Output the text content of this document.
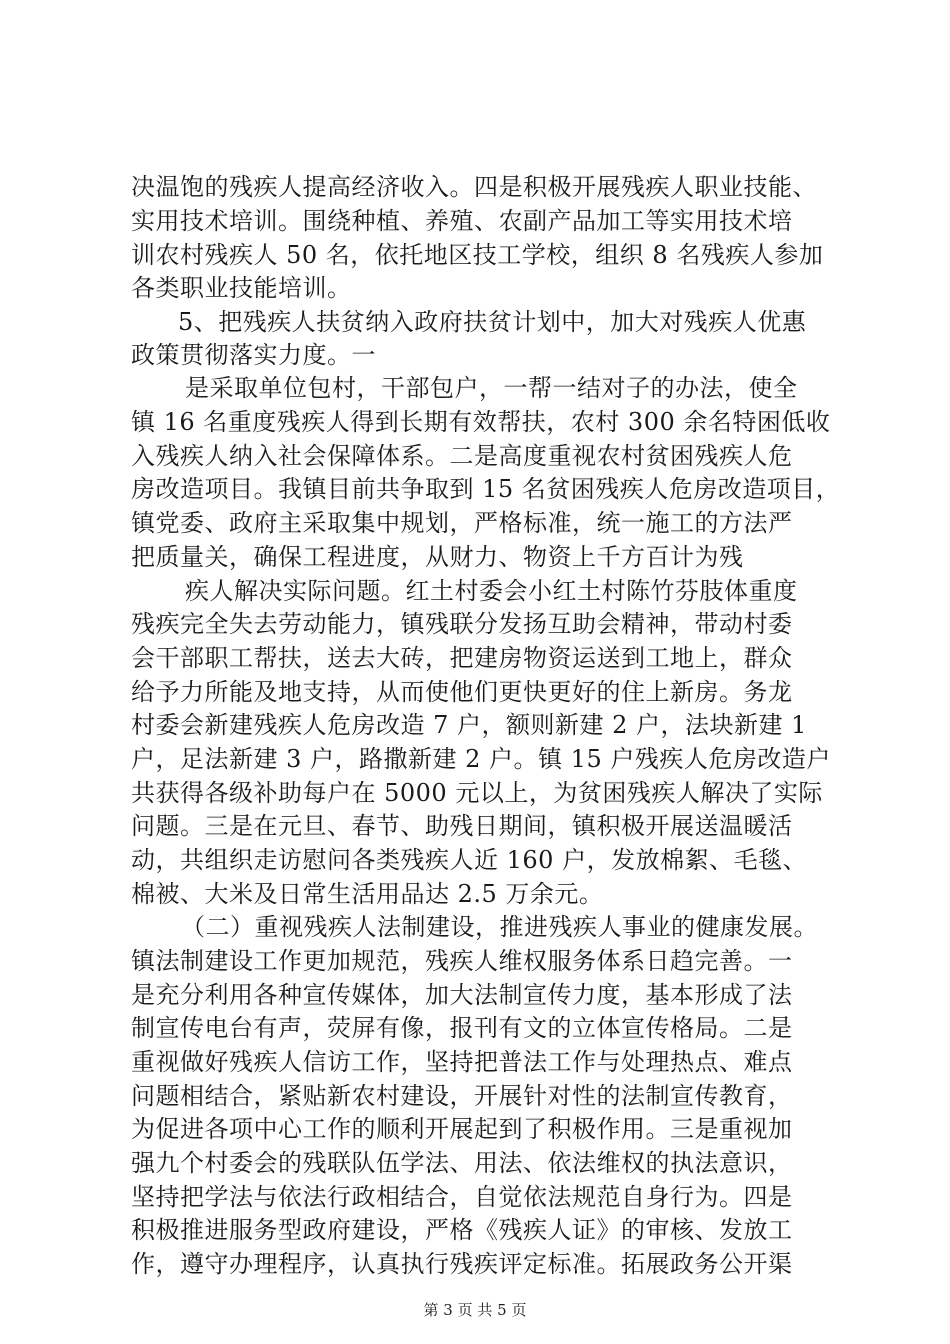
决温饱的残疾人提高经济收入。四是积极开展残疾人职业技能、
实用技术培训。围绕种植、养殖、农副产品加工等实用技术培
训农村残疾人 50 名，依托地区技工学校，组织 8 名残疾人参加
各类职业技能培训。
5、把残疾人扶贫纳入政府扶贫计划中，加大对残疾人优惠
政策贯彻落实力度。一
是采取单位包村，干部包户，一帮一结对子的办法，使全
镇 16 名重度残疾人得到长期有效帮扶，农村 300 余名特困低收
入残疾人纳入社会保障体系。二是高度重视农村贫困残疾人危
房改造项目。我镇目前共争取到 15 名贫困残疾人危房改造项目，
镇党委、政府主采取集中规划，严格标准，统一施工的方法严
把质量关，确保工程进度，从财力、物资上千方百计为残
疾人解决实际问题。红土村委会小红土村陈竹芬肢体重度
残疾完全失去劳动能力，镇残联分发扬互助会精神，带动村委
会干部职工帮扶，送去大砖，把建房物资运送到工地上，群众
给予力所能及地支持，从而使他们更快更好的住上新房。务龙
村委会新建残疾人危房改造 7 户，额则新建 2 户，法块新建 1
户，足法新建 3 户，路撒新建 2 户。镇 15 户残疾人危房改造户
共获得各级补助每户在 5000 元以上，为贫困残疾人解决了实际
问题。三是在元旦、春节、助残日期间，镇积极开展送温暖活
动，共组织走访慰问各类残疾人近 160 户，发放棉絮、毛毯、
棉被、大米及日常生活用品达 2.5 万余元。
（二）重视残疾人法制建设，推进残疾人事业的健康发展。
镇法制建设工作更加规范，残疾人维权服务体系日趋完善。一
是充分利用各种宣传媒体，加大法制宣传力度，基本形成了法
制宣传电台有声，荧屏有像，报刊有文的立体宣传格局。二是
重视做好残疾人信访工作，坚持把普法工作与处理热点、难点
问题相结合，紧贴新农村建设，开展针对性的法制宣传教育，
为促进各项中心工作的顺利开展起到了积极作用。三是重视加
强九个村委会的残联队伍学法、用法、依法维权的执法意识，
坚持把学法与依法行政相结合，自觉依法规范自身行为。四是
积极推进服务型政府建设，严格《残疾人证》的审核、发放工
作，遵守办理程序，认真执行残疾评定标准。拓展政务公开渠
第 3 页 共 5 页
